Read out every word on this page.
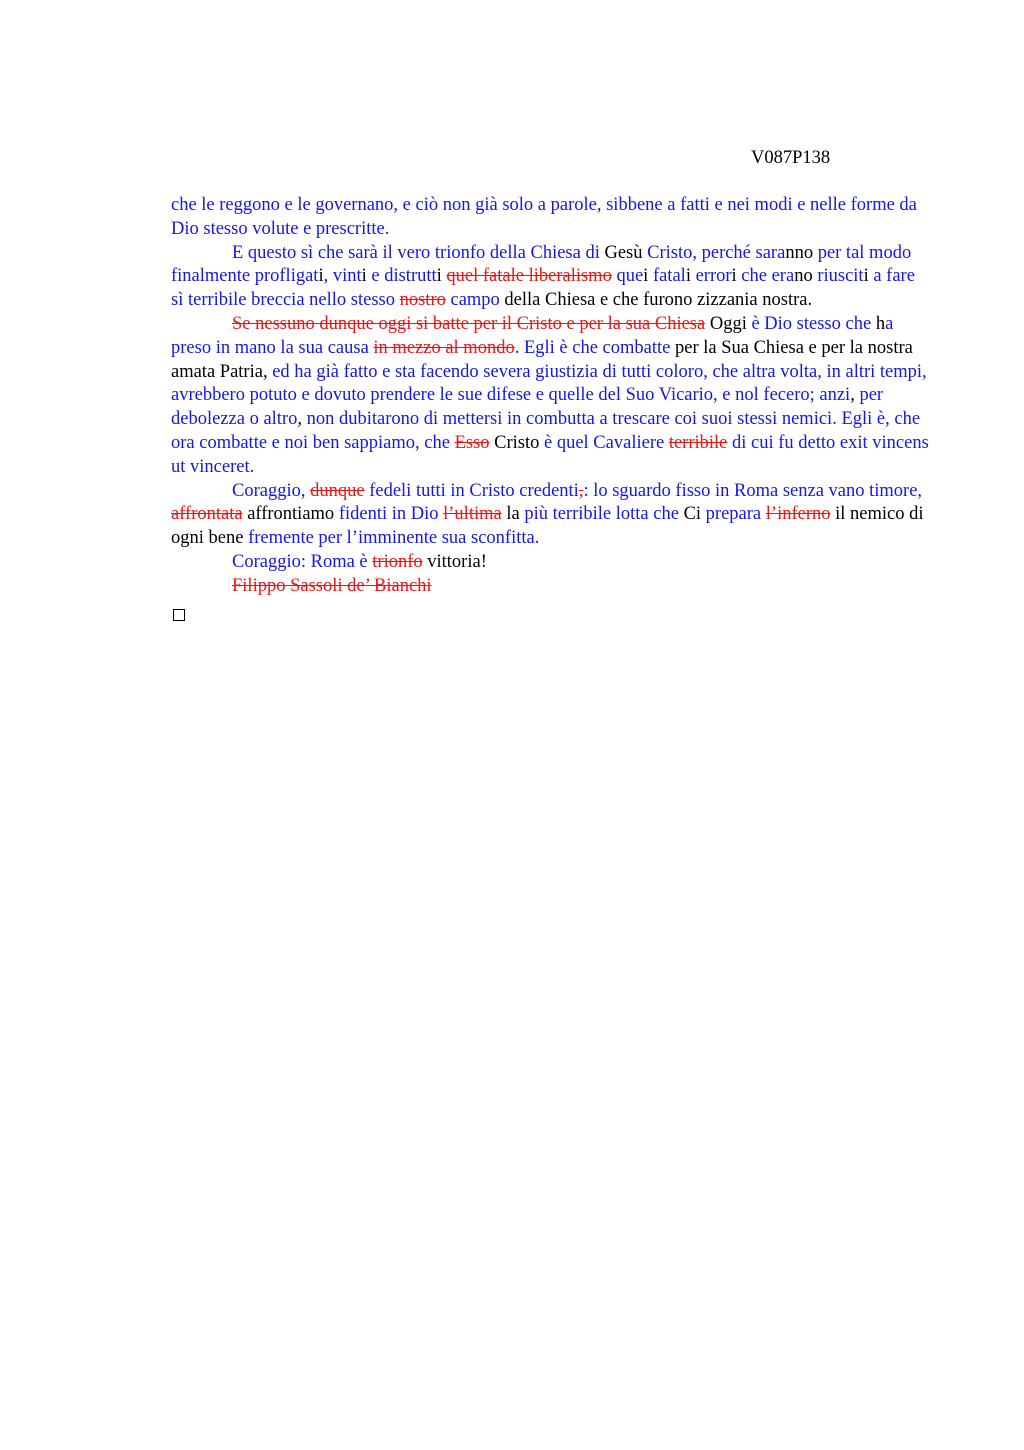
V087P138

che le reggono e le governano, e ciò non già solo a parole, sibbene a fatti e nei modi e nelle forme da Dio stesso volute e prescritte.

E questo sì che sarà il vero trionfo della Chiesa di Gesù Cristo, perché saranno per tal modo finalmente profligati, vinti e distrutti quel fatale liberalismo quei fatali errori che erano riusciti a fare sì terribile breccia nello stesso nostro campo della Chiesa e che furono zizzania nostra.

Se nessuno dunque oggi si batte per il Cristo e per la sua Chiesa Oggi è Dio stesso che ha preso in mano la sua causa in mezzo al mondo. Egli è che combatte per la Sua Chiesa e per la nostra amata Patria, ed ha già fatto e sta facendo severa giustizia di tutti coloro, che altra volta, in altri tempi, avrebbero potuto e dovuto prendere le sue difese e quelle del Suo Vicario, e nol fecero; anzi, per debolezza o altro, non dubitarono di mettersi in combutta a trescare coi suoi stessi nemici. Egli è, che ora combatte e noi ben sappiamo, che Esso Cristo è quel Cavaliere terribile di cui fu detto exit vincens ut vinceret.

Coraggio, dunque fedeli tutti in Cristo credenti,: lo sguardo fisso in Roma senza vano timore, affrontata affrontiamo fidenti in Dio l’ultima la più terribile lotta che Ci prepara l’inferno il nemico di ogni bene fremente per l’imminente sua sconfitta.

Coraggio: Roma è trionfo vittoria!

Filippo Sassoli de’ Bianchi
